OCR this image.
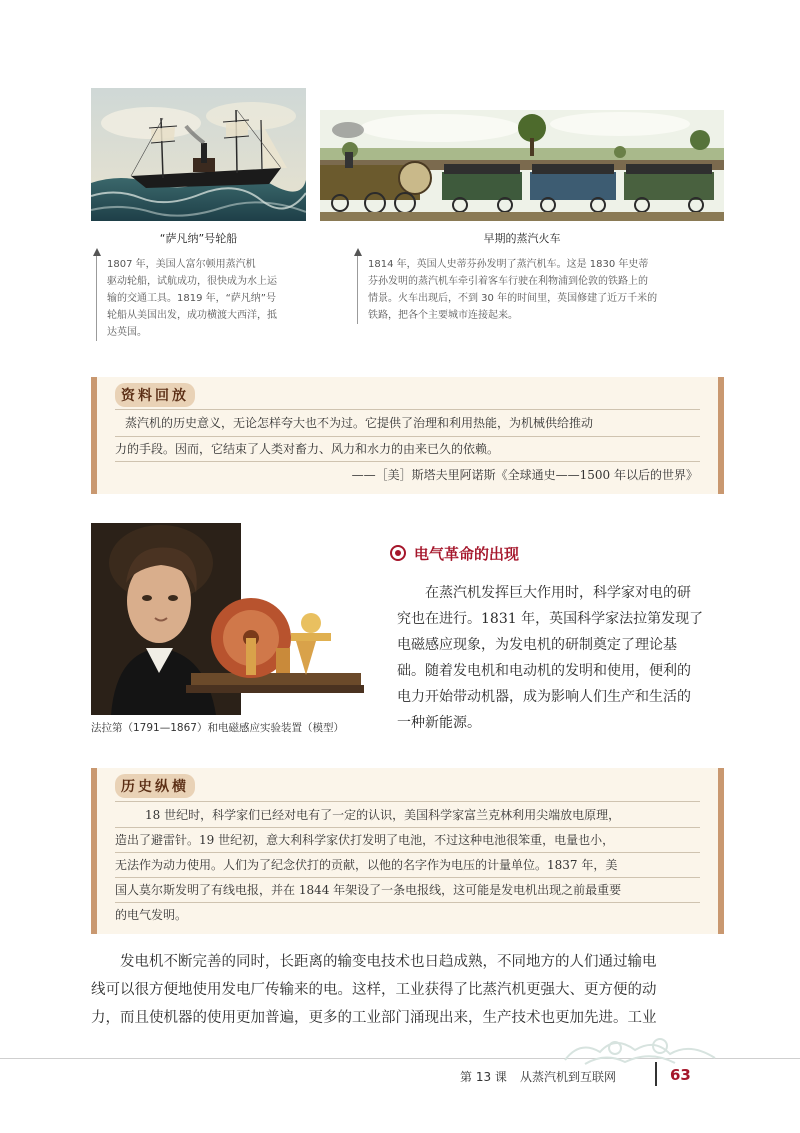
“萨凡纳”号轮船	早期的蒸汽火车
1807 年，美国人富尔顿用蒸汽机
驱动轮船，试航成功，很快成为水上运
输的交通工具。1819 年，“萨凡纳”号
轮船从美国出发，成功横渡大西洋，抵
达英国。
1814 年，英国人史蒂芬孙发明了蒸汽机车。这是 1830 年史蒂
芬孙发明的蒸汽机车牵引着客车行驶在利物浦到伦敦的铁路上的
情景。火车出现后，不到 30 年的时间里，英国修建了近万千米的
铁路，把各个主要城市连接起来。
资料回放
蒸汽机的历史意义，无论怎样夸大也不为过。它提供了治理和利用热能，为机械供给推动
力的手段。因而，它结束了人类对畜力、风力和水力的由来已久的依赖。
——［美］斯塔夫里阿诺斯《全球通史——1500 年以后的世界》
法拉第（1791—1867）和电磁感应实验装置（模型）
电气革命的出现
在蒸汽机发挥巨大作用时，科学家对电的研
究也在进行。1831 年，英国科学家法拉第发现了
电磁感应现象，为发电机的研制奠定了理论基
础。随着发电机和电动机的发明和使用，便利的
电力开始带动机器，成为影响人们生产和生活的
一种新能源。
历史纵横
18 世纪时，科学家们已经对电有了一定的认识，美国科学家富兰克林利用尖端放电原理，
造出了避雷针。19 世纪初，意大利科学家伏打发明了电池，不过这种电池很笨重，电量也小，
无法作为动力使用。人们为了纪念伏打的贡献，以他的名字作为电压的计量单位。1837 年，美
国人莫尔斯发明了有线电报，并在 1844 年架设了一条电报线，这可能是发电机出现之前最重要
的电气发明。
发电机不断完善的同时，长距离的输变电技术也日趋成熟，不同地方的人们通过输电
线可以很方便地使用发电厂传输来的电。这样，工业获得了比蒸汽机更强大、更方便的动
力，而且使机器的使用更加普遍，更多的工业部门涌现出来，生产技术也更加先进。工业
第 13 课 从蒸汽机到互联网	63
